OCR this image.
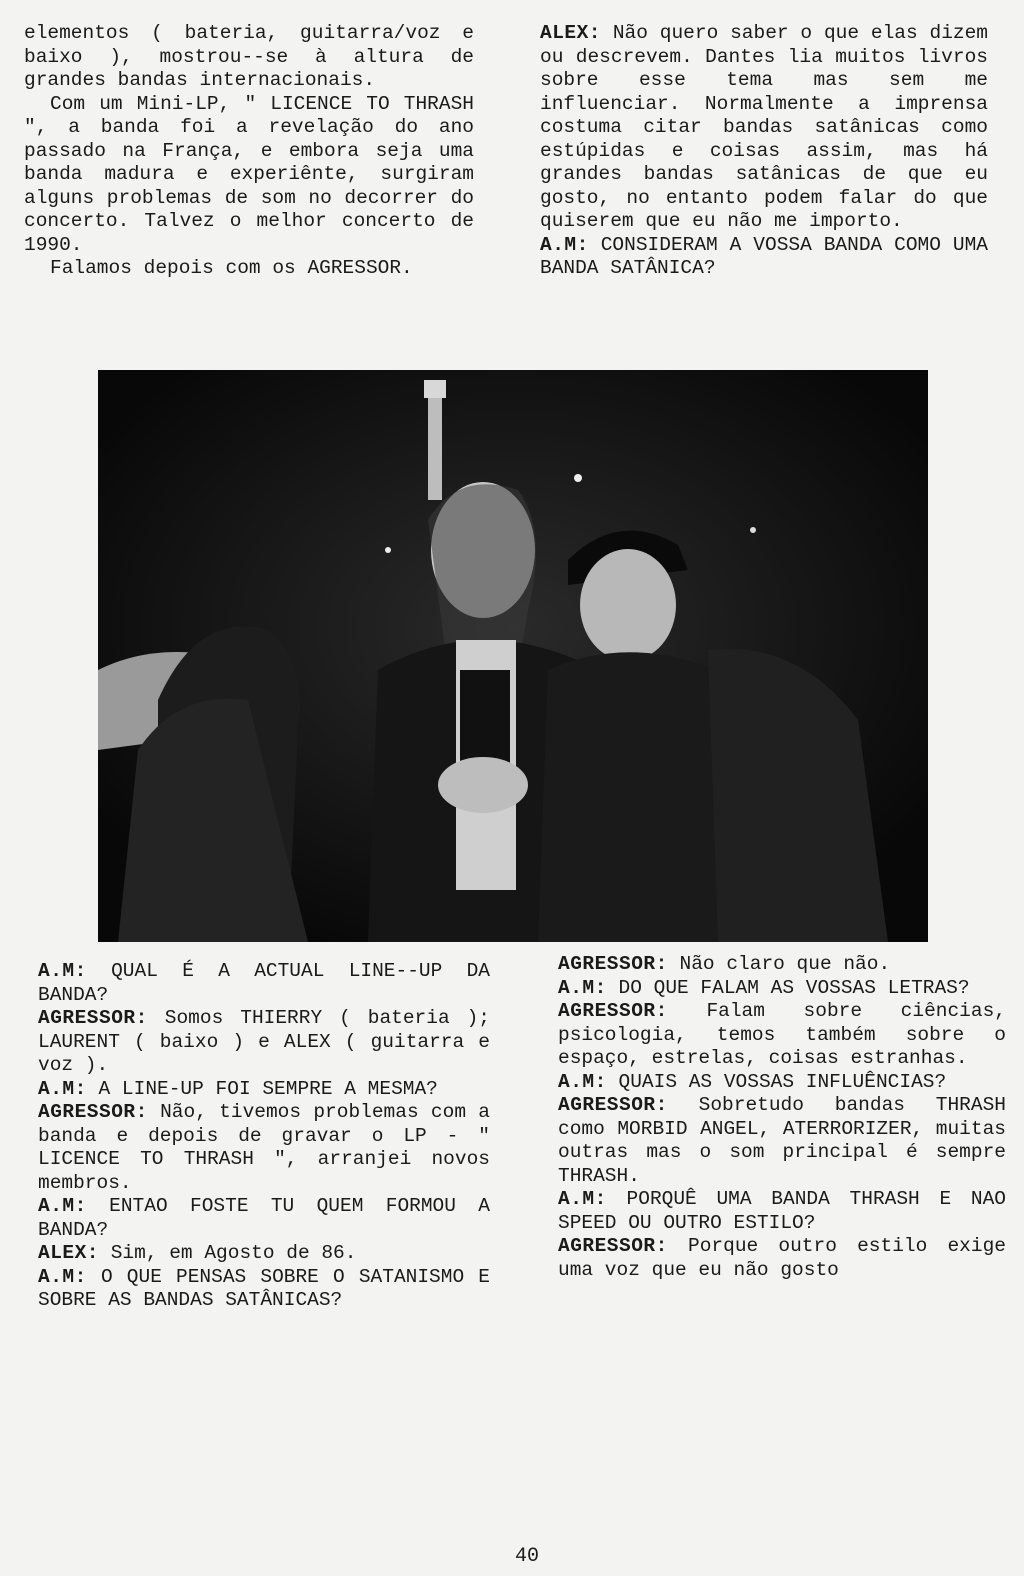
elementos ( bateria, guitarra/voz e baixo ), mostrou--se à altura de grandes bandas internacionais.

Com um Mini-LP, " LICENCE TO THRASH ", a banda foi a revelação do ano passado na França, e embora seja uma banda madura e experiênte, surgiram alguns problemas de som no decorrer do concerto. Talvez o melhor concerto de 1990.

Falamos depois com os AGRESSOR.

ALEX: Não quero saber o que elas dizem ou descrevem. Dantes lia muitos livros sobre esse tema mas sem me influenciar. Normalmente a imprensa costuma citar bandas satânicas como estúpidas e coisas assim, mas há grandes bandas satânicas de que eu gosto, no entanto podem falar do que quiserem que eu não me importo.

A.M: CONSIDERAM A VOSSA BANDA COMO UMA BANDA SATÂNICA?

A.M: QUAL É A ACTUAL LINE--UP DA BANDA?

AGRESSOR: Somos THIERRY ( bateria ); LAURENT ( baixo ) e ALEX ( guitarra e voz ).

A.M: A LINE-UP FOI SEMPRE A MESMA?

AGRESSOR: Não, tivemos problemas com a banda e depois de gravar o LP - " LICENCE TO THRASH ", arranjei novos membros.

A.M: ENTAO FOSTE TU QUEM FORMOU A BANDA?

ALEX: Sim, em Agosto de 86.

A.M: O QUE PENSAS SOBRE O SATANISMO E SOBRE AS BANDAS SATÂNICAS?

AGRESSOR: Não claro que não.

A.M: DO QUE FALAM AS VOSSAS LETRAS?

AGRESSOR: Falam sobre ciências, psicologia, temos também sobre o espaço, estrelas, coisas estranhas.

A.M: QUAIS AS VOSSAS INFLUÊNCIAS?

AGRESSOR: Sobretudo bandas THRASH como MORBID ANGEL, ATERRORIZER, muitas outras mas o som principal é sempre THRASH.

A.M: PORQUÊ UMA BANDA THRASH E NAO SPEED OU OUTRO ESTILO?

AGRESSOR: Porque outro estilo exige uma voz que eu não gosto

40
